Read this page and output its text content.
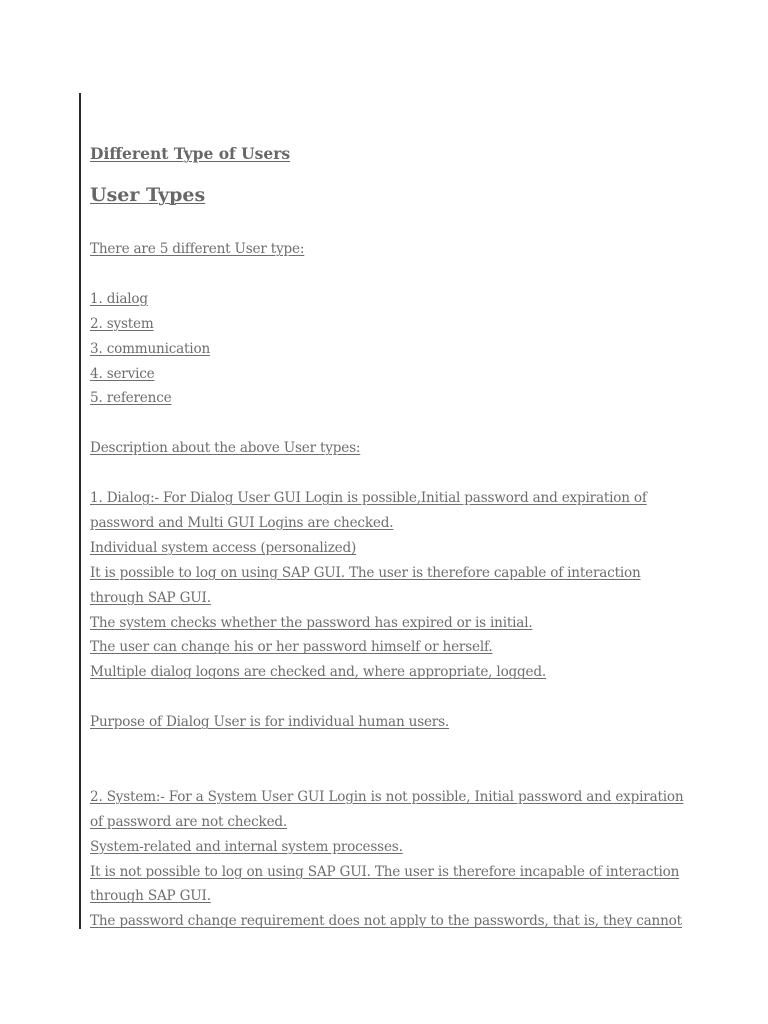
Different Type of Users
User Types
There are 5 different User type:
1. dialog
2. system
3. communication
4. service
5. reference
Description about the above User types:
1. Dialog:- For Dialog User GUI Login is possible,Initial password and expiration of
password and Multi GUI Logins are checked.
Individual system access (personalized)
It is possible to log on using SAP GUI. The user is therefore capable of interaction
through SAP GUI.
The system checks whether the password has expired or is initial.
The user can change his or her password himself or herself.
Multiple dialog logons are checked and, where appropriate, logged.
Purpose of Dialog User is for individual human users.
2. System:- For a System User GUI Login is not possible, Initial password and expiration
of password are not checked.
System-related and internal system processes.
It is not possible to log on using SAP GUI. The user is therefore incapable of interaction
through SAP GUI.
The password change requirement does not apply to the passwords, that is, they cannot
